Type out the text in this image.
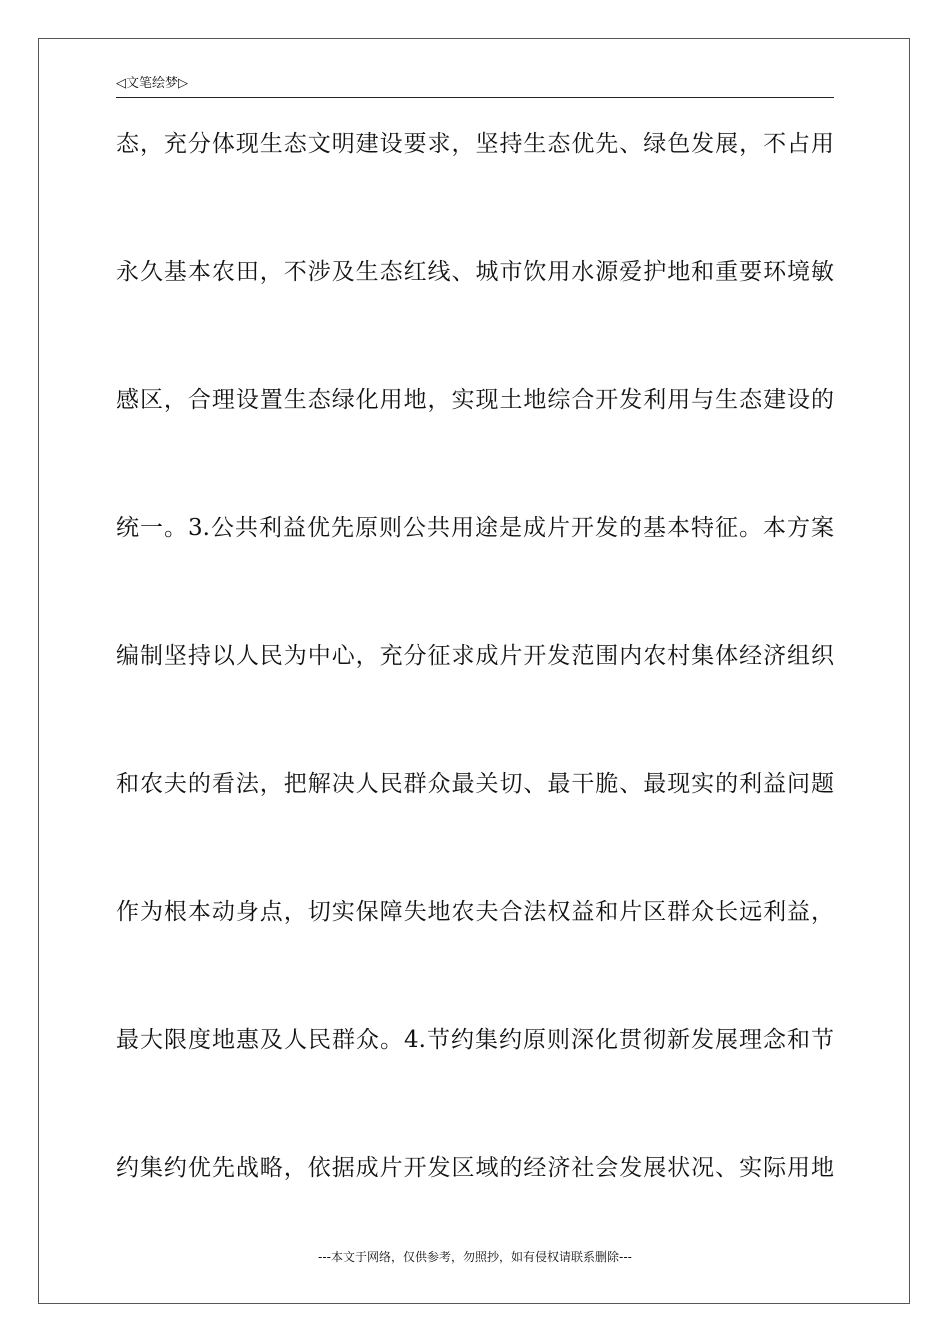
◁文笔绘梦▷
态，充分体现生态文明建设要求，坚持生态优先、绿色发展，不占用
永久基本农田，不涉及生态红线、城市饮用水源爱护地和重要环境敏
感区，合理设置生态绿化用地，实现土地综合开发利用与生态建设的
统一。3.公共利益优先原则公共用途是成片开发的基本特征。本方案
编制坚持以人民为中心，充分征求成片开发范围内农村集体经济组织
和农夫的看法，把解决人民群众最关切、最干脆、最现实的利益问题
作为根本动身点，切实保障失地农夫合法权益和片区群众长远利益，
最大限度地惠及人民群众。4.节约集约原则深化贯彻新发展理念和节
约集约优先战略，依据成片开发区域的经济社会发展状况、实际用地
---本文于网络，仅供参考，勿照抄，如有侵权请联系删除---
